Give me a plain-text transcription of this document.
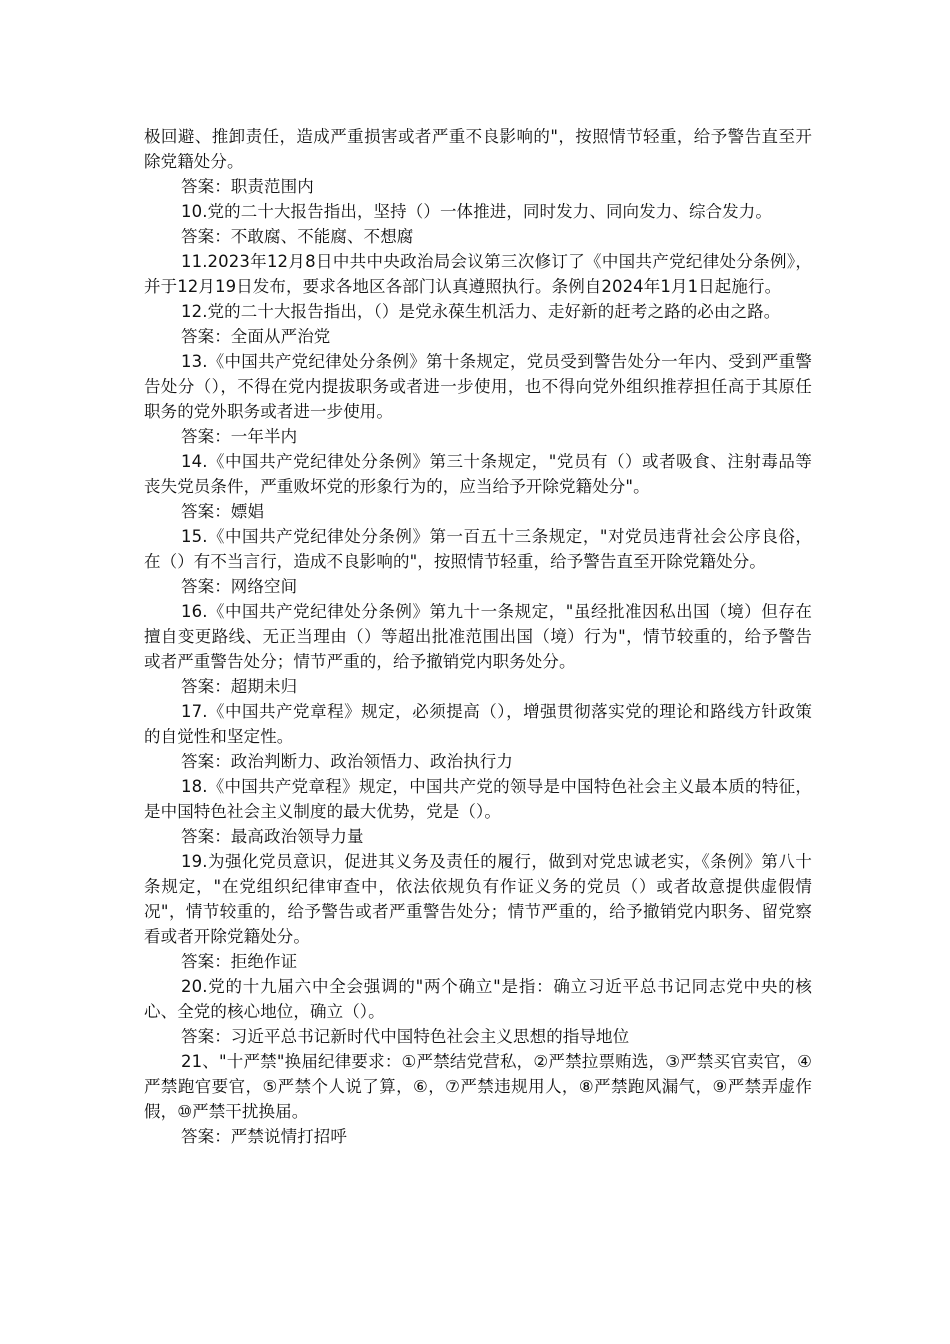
极回避、推卸责任，造成严重损害或者严重不良影响的"，按照情节轻重，给予警告直至开除党籍处分。

答案：职责范围内

10.党的二十大报告指出，坚持（）一体推进，同时发力、同向发力、综合发力。

答案：不敢腐、不能腐、不想腐

11.2023年12月8日中共中央政治局会议第三次修订了《中国共产党纪律处分条例》，并于12月19日发布，要求各地区各部门认真遵照执行。条例自2024年1月1日起施行。

12.党的二十大报告指出，（）是党永葆生机活力、走好新的赶考之路的必由之路。

答案：全面从严治党

13.《中国共产党纪律处分条例》第十条规定，党员受到警告处分一年内、受到严重警告处分（），不得在党内提拔职务或者进一步使用，也不得向党外组织推荐担任高于其原任职务的党外职务或者进一步使用。

答案：一年半内

14.《中国共产党纪律处分条例》第三十条规定，"党员有（）或者吸食、注射毒品等丧失党员条件，严重败坏党的形象行为的，应当给予开除党籍处分"。

答案：嫖娼

15.《中国共产党纪律处分条例》第一百五十三条规定，"对党员违背社会公序良俗，在（）有不当言行，造成不良影响的"，按照情节轻重，给予警告直至开除党籍处分。

答案：网络空间

16.《中国共产党纪律处分条例》第九十一条规定，"虽经批准因私出国（境）但存在擅自变更路线、无正当理由（）等超出批准范围出国（境）行为"，情节较重的，给予警告或者严重警告处分；情节严重的，给予撤销党内职务处分。

答案：超期未归

17.《中国共产党章程》规定，必须提高（），增强贯彻落实党的理论和路线方针政策的自觉性和坚定性。

答案：政治判断力、政治领悟力、政治执行力

18.《中国共产党章程》规定，中国共产党的领导是中国特色社会主义最本质的特征，是中国特色社会主义制度的最大优势，党是（）。

答案：最高政治领导力量

19.为强化党员意识，促进其义务及责任的履行，做到对党忠诚老实，《条例》第八十条规定，"在党组织纪律审查中，依法依规负有作证义务的党员（）或者故意提供虚假情况"，情节较重的，给予警告或者严重警告处分；情节严重的，给予撤销党内职务、留党察看或者开除党籍处分。

答案：拒绝作证

20.党的十九届六中全会强调的"两个确立"是指：确立习近平总书记同志党中央的核心、全党的核心地位，确立（）。

答案：习近平总书记新时代中国特色社会主义思想的指导地位

21、"十严禁"换届纪律要求：①严禁结党营私，②严禁拉票贿选，③严禁买官卖官，④严禁跑官要官，⑤严禁个人说了算，⑥，⑦严禁违规用人，⑧严禁跑风漏气，⑨严禁弄虚作假，⑩严禁干扰换届。

答案：严禁说情打招呼
